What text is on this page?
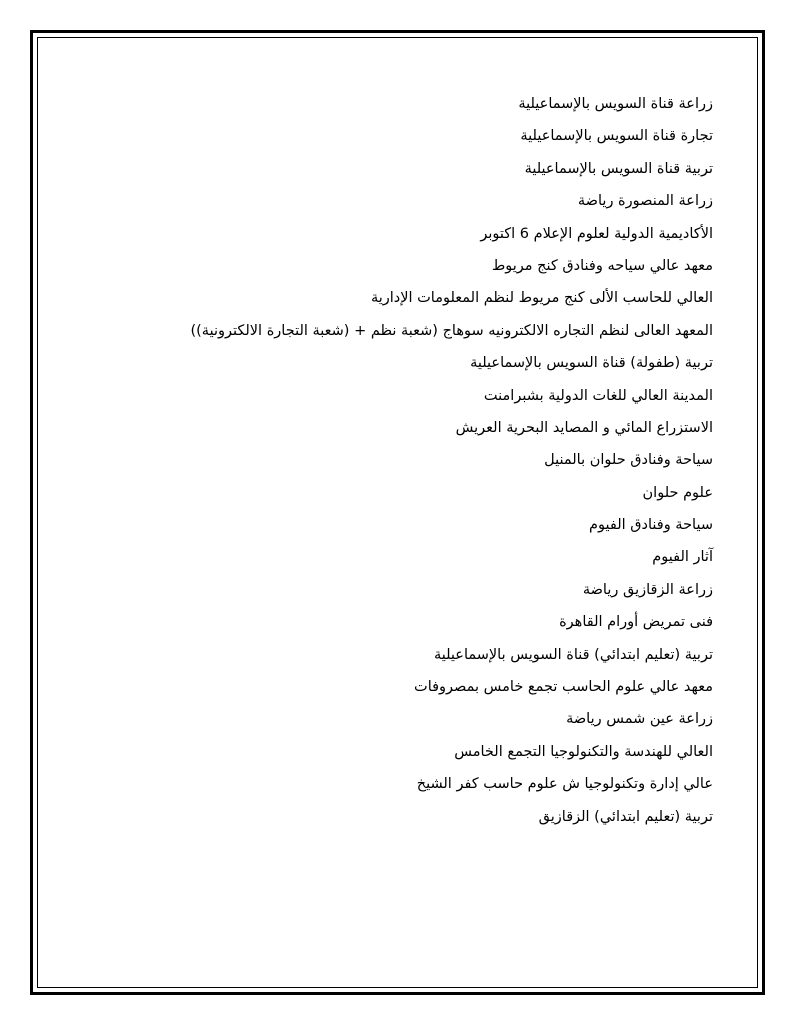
زراعة قناة السويس بالإسماعيلية
تجارة قناة السويس بالإسماعيلية
تربية قناة السويس بالإسماعيلية
زراعة المنصورة رياضة
الأكاديمية الدولية لعلوم الإعلام 6 اكتوبر
معهد عالي سياحه وفنادق كنج مريوط
العالي للحاسب الألى كنج مريوط لنظم المعلومات الإدارية
المعهد العالى لنظم التجاره الالكترونيه سوهاج (شعبة نظم + (شعبة التجارة الالكترونية))
تربية (طفولة) قناة السويس بالإسماعيلية
المدينة العالي للغات الدولية بشبرامنت
الاستزراع المائي و المصايد البحرية العريش
سياحة وفنادق حلوان بالمنيل
علوم حلوان
سياحة وفنادق الفيوم
آثار الفيوم
زراعة الزقازيق رياضة
فنى تمريض أورام القاهرة
تربية (تعليم ابتدائي) قناة السويس بالإسماعيلية
معهد عالي علوم الحاسب تجمع خامس بمصروفات
زراعة عين شمس رياضة
العالي للهندسة والتكنولوجيا التجمع الخامس
عالي إدارة وتكنولوجيا ش علوم حاسب كفر الشيخ
تربية (تعليم ابتدائي) الزقازيق
